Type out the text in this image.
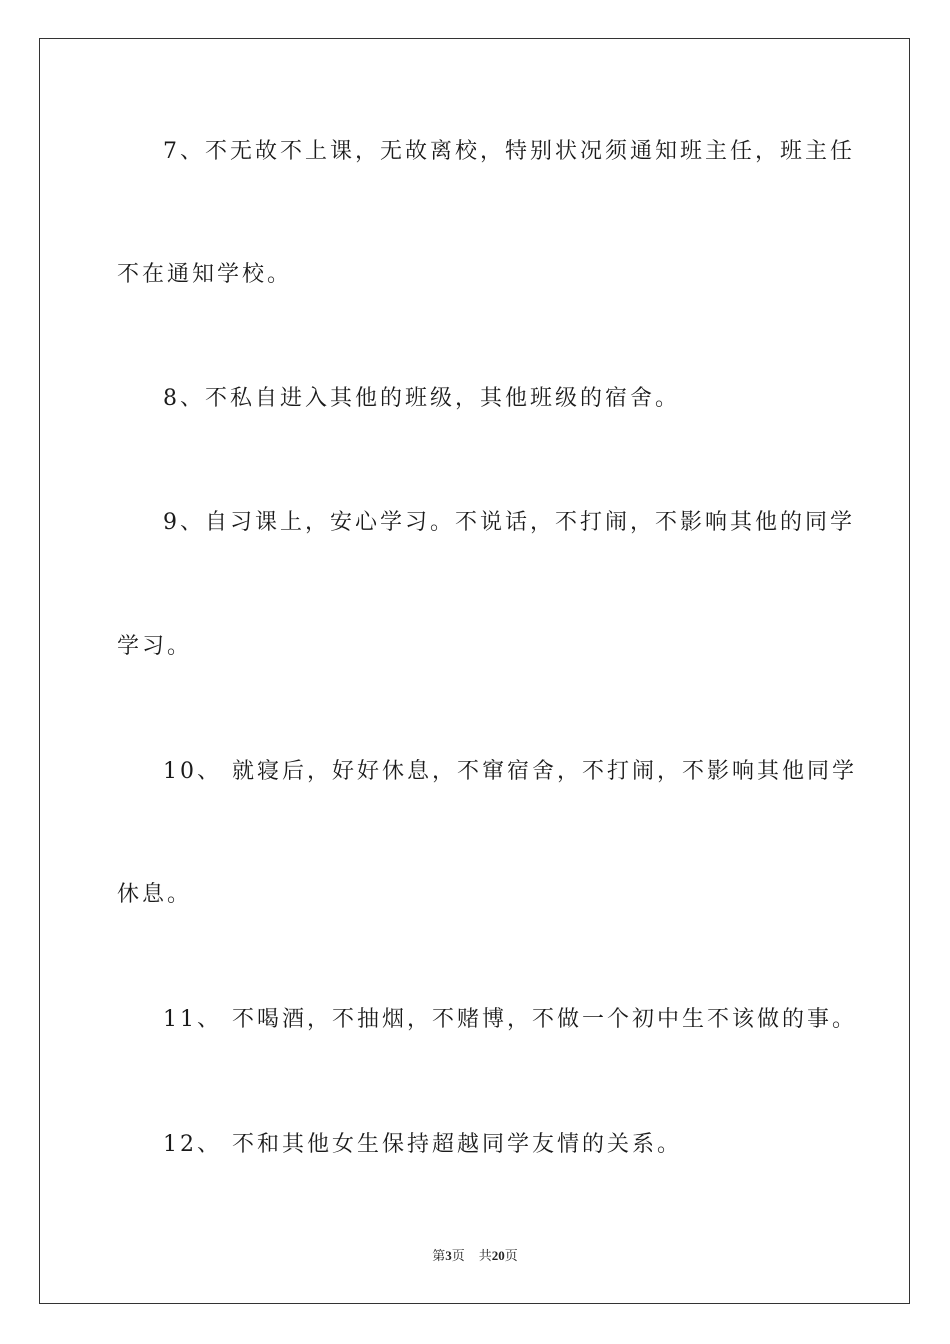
7、不无故不上课，无故离校，特别状况须通知班主任，班主任
不在通知学校。
8、不私自进入其他的班级，其他班级的宿舍。
9、自习课上，安心学习。不说话，不打闹，不影响其他的同学
学习。
10、 就寝后，好好休息，不窜宿舍，不打闹，不影响其他同学
休息。
11、 不喝酒，不抽烟，不赌博，不做一个初中生不该做的事。
12、 不和其他女生保持超越同学友情的关系。
第3页 共20页
